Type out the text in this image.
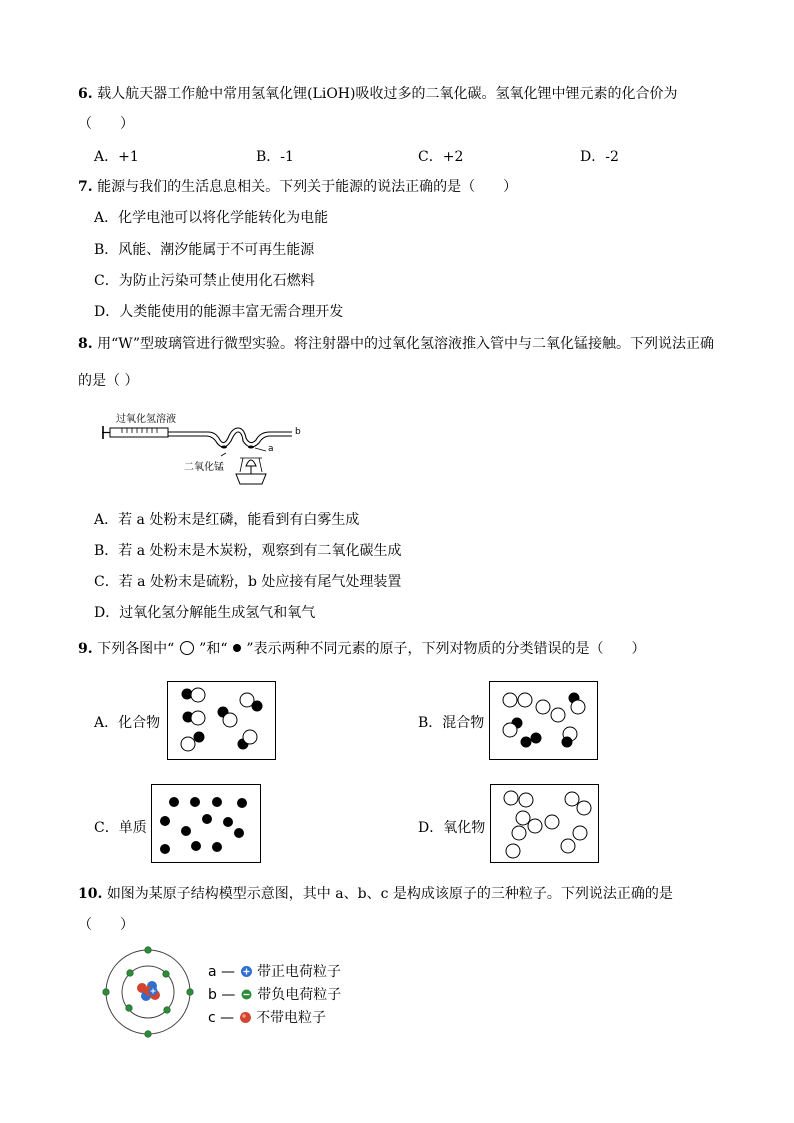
6. 载人航天器工作舱中常用氢氧化锂(LiOH)吸收过多的二氧化碳。氢氧化锂中锂元素的化合价为
（　　）
A．+1	B．-1	C．+2	D．-2
7. 能源与我们的生活息息相关。下列关于能源的说法正确的是（　　）
A．化学电池可以将化学能转化为电能
B．风能、潮汐能属于不可再生能源
C．为防止污染可禁止使用化石燃料
D．人类能使用的能源丰富无需合理开发
8. 用“W”型玻璃管进行微型实验。将注射器中的过氧化氢溶液推入管中与二氧化锰接触。下列说法正确
的是（ ）
过氧化氢溶液
二氧化锰
a
b
A．若 a 处粉末是红磷，能看到有白雾生成
B．若 a 处粉末是木炭粉，观察到有二氧化碳生成
C．若 a 处粉末是硫粉，b 处应接有尾气处理装置
D．过氧化氢分解能生成氢气和氧气
9. 下列各图中“ ”和“ ”表示两种不同元素的原子，下列对物质的分类错误的是（　　）
A．化合物	B．混合物
C．单质	D．氧化物
10. 如图为某原子结构模型示意图，其中 a、b、c 是构成该原子的三种粒子。下列说法正确的是
（　　）
a — 带正电荷粒子
b — 带负电荷粒子
c — 不带电粒子
